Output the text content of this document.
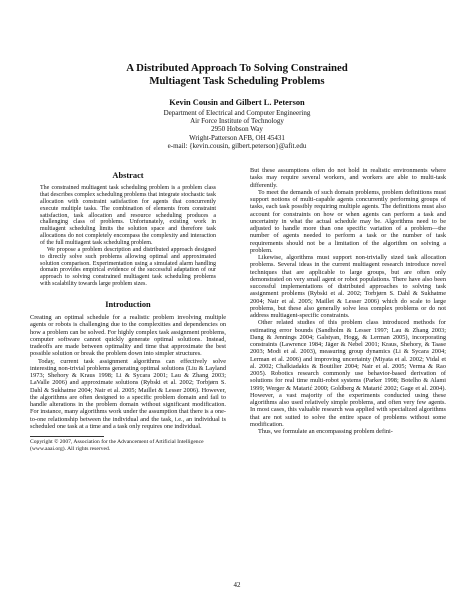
A Distributed Approach To Solving Constrained
Multiagent Task Scheduling Problems
Kevin Cousin and Gilbert L. Peterson
Department of Electrical and Computer Engineering
Air Force Institute of Technology
2950 Hobson Way
Wright-Patterson AFB, OH 45431
e-mail: {kevin.cousin, gilbert.peterson}@afit.edu
Abstract

The constrained multiagent task scheduling problem is a problem class that describes complex scheduling problems that integrate stochastic task allocation with constraint satisfaction for agents that concurrently execute multiple tasks. The combination of elements from constraint satisfaction, task allocation and resource scheduling produces a challenging class of problems. Unfortunately, existing work in multiagent scheduling limits the solution space and therefore task allocations do not completely encompass the complexity and interaction of the full multiagent task scheduling problem.

We propose a problem description and distributed approach designed to directly solve such problems allowing optimal and approximated solution comparison. Experimentation using a simulated alarm handling domain provides empirical evidence of the successful adaptation of our approach to solving constrained multiagent task scheduling problems with scalability towards large problem sizes.

Introduction

Creating an optimal schedule for a realistic problem involving multiple agents or robots is challenging due to the complexities and dependencies on how a problem can be solved. For highly complex task assignment problems, computer software cannot quickly generate optimal solutions. Instead, tradeoffs are made between optimality and time that approximate the best possible solution or break the problem down into simpler structures.

Today, current task assignment algorithms can effectively solve interesting non-trivial problems generating optimal solutions (Liu & Layland 1973; Shehory & Kraus 1998; Li & Sycara 2001; Lau & Zhang 2003; LaValle 2006) and approximate solutions (Rybski et al. 2002; Torbjørn S. Dahl & Sukhatme 2004; Nair et al. 2005; Maillet & Lesser 2006). However, the algorithms are often designed to a specific problem domain and fail to handle alterations in the problem domain without significant modification. For instance, many algorithms work under the assumption that there is a one-to-one relationship between the individual and the task, i.e., an individual is scheduled one task at a time and a task only requires one individual.

Copyright © 2007, Association for the Advancement of Artificial Intelligence (www.aaai.org). All rights reserved.

But these assumptions often do not hold in realistic environments where tasks may require several workers, and workers are able to multi-task differently.

To meet the demands of such domain problems, problem definitions must support notions of multi-capable agents concurrently performing groups of tasks, each task possibly requiring multiple agents. The definitions must also account for constraints on how or when agents can perform a task and uncertainty in what the actual schedule may be. Algorithms need to be adjusted to handle more than one specific variation of a problem—the number of agents needed to perform a task or the number of task requirements should not be a limitation of the algorithm on solving a problem.

Likewise, algorithms must support non-trivially sized task allocation problems. Several ideas in the current multiagent research introduce novel techniques that are applicable to large groups, but are often only demonstrated on very small agent or robot populations. There have also been successful implementations of distributed approaches to solving task assignment problems (Rybski et al. 2002; Torbjørn S. Dahl & Sukhatme 2004; Nair et al. 2005; Maillet & Lesser 2006) which do scale to large problems, but these also generally solve less complex problems or do not address multiagent-specific constraints.

Other related studies of this problem class introduced methods for estimating error bounds (Sandholm & Lesser 1997; Lau & Zhang 2003; Dang & Jennings 2004; Galstyan, Hogg, & Lerman 2005), incorporating constraints (Lawrence 1984; Jäger & Nebel 2001; Kraus, Shehory, & Taase 2003; Modi et al. 2003), measuring group dynamics (Li & Sycara 2004; Lerman et al. 2006) and improving uncertainty (Miyata et al. 2002; Vidal et al. 2002; Chalkiadakis & Boutilier 2004; Nair et al. 2005; Verma & Rao 2005). Robotics research commonly use behavior-based derivation of solutions for real time multi-robot systems (Parker 1998; Botelho & Alami 1999; Werger & Matarić 2000; Goldberg & Matarić 2002; Gage et al. 2004). However, a vast majority of the experiments conducted using these algorithms also used relatively simple problems, and often very few agents. In most cases, this valuable research was applied with specialized algorithms that are not suited to solve the entire space of problems without some modification.

Thus, we formulate an encompassing problem defini-

42
